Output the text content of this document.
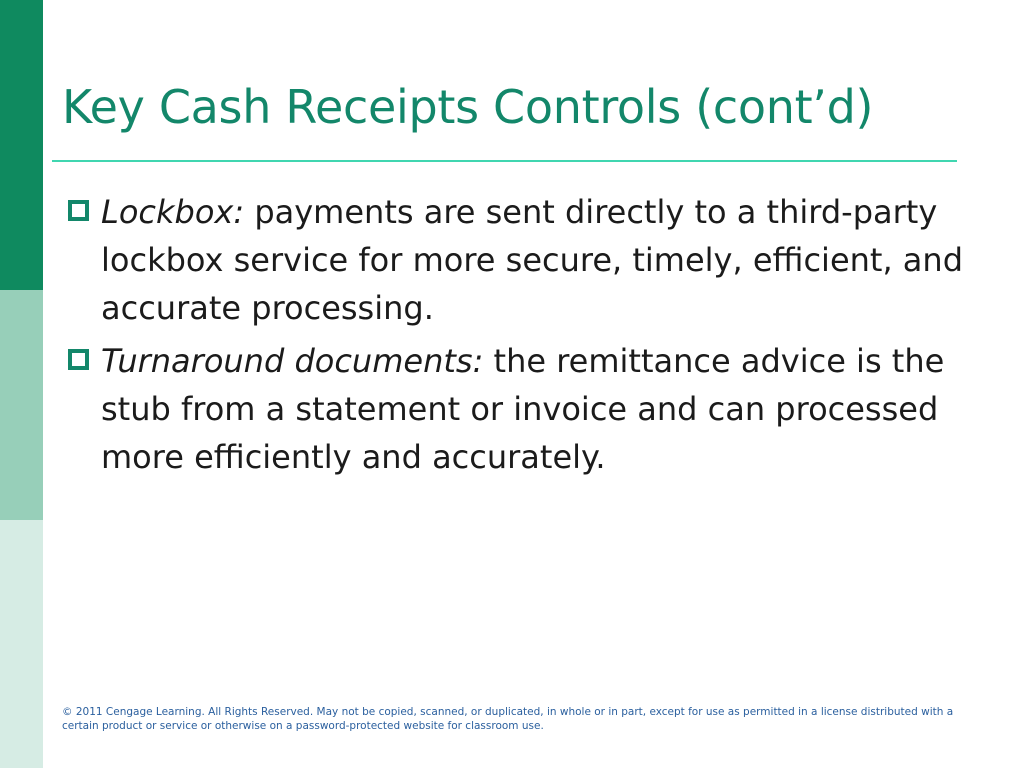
Key Cash Receipts Controls (cont’d)
Lockbox: payments are sent directly to a third-party lockbox service for more secure, timely, efficient, and accurate processing.
Turnaround documents: the remittance advice is the stub from a statement or invoice and can processed more efficiently and accurately.

© 2011 Cengage Learning. All Rights Reserved. May not be copied, scanned, or duplicated, in whole or in part, except for use as permitted in a license distributed with a certain product or service or otherwise on a password-protected website for classroom use.
